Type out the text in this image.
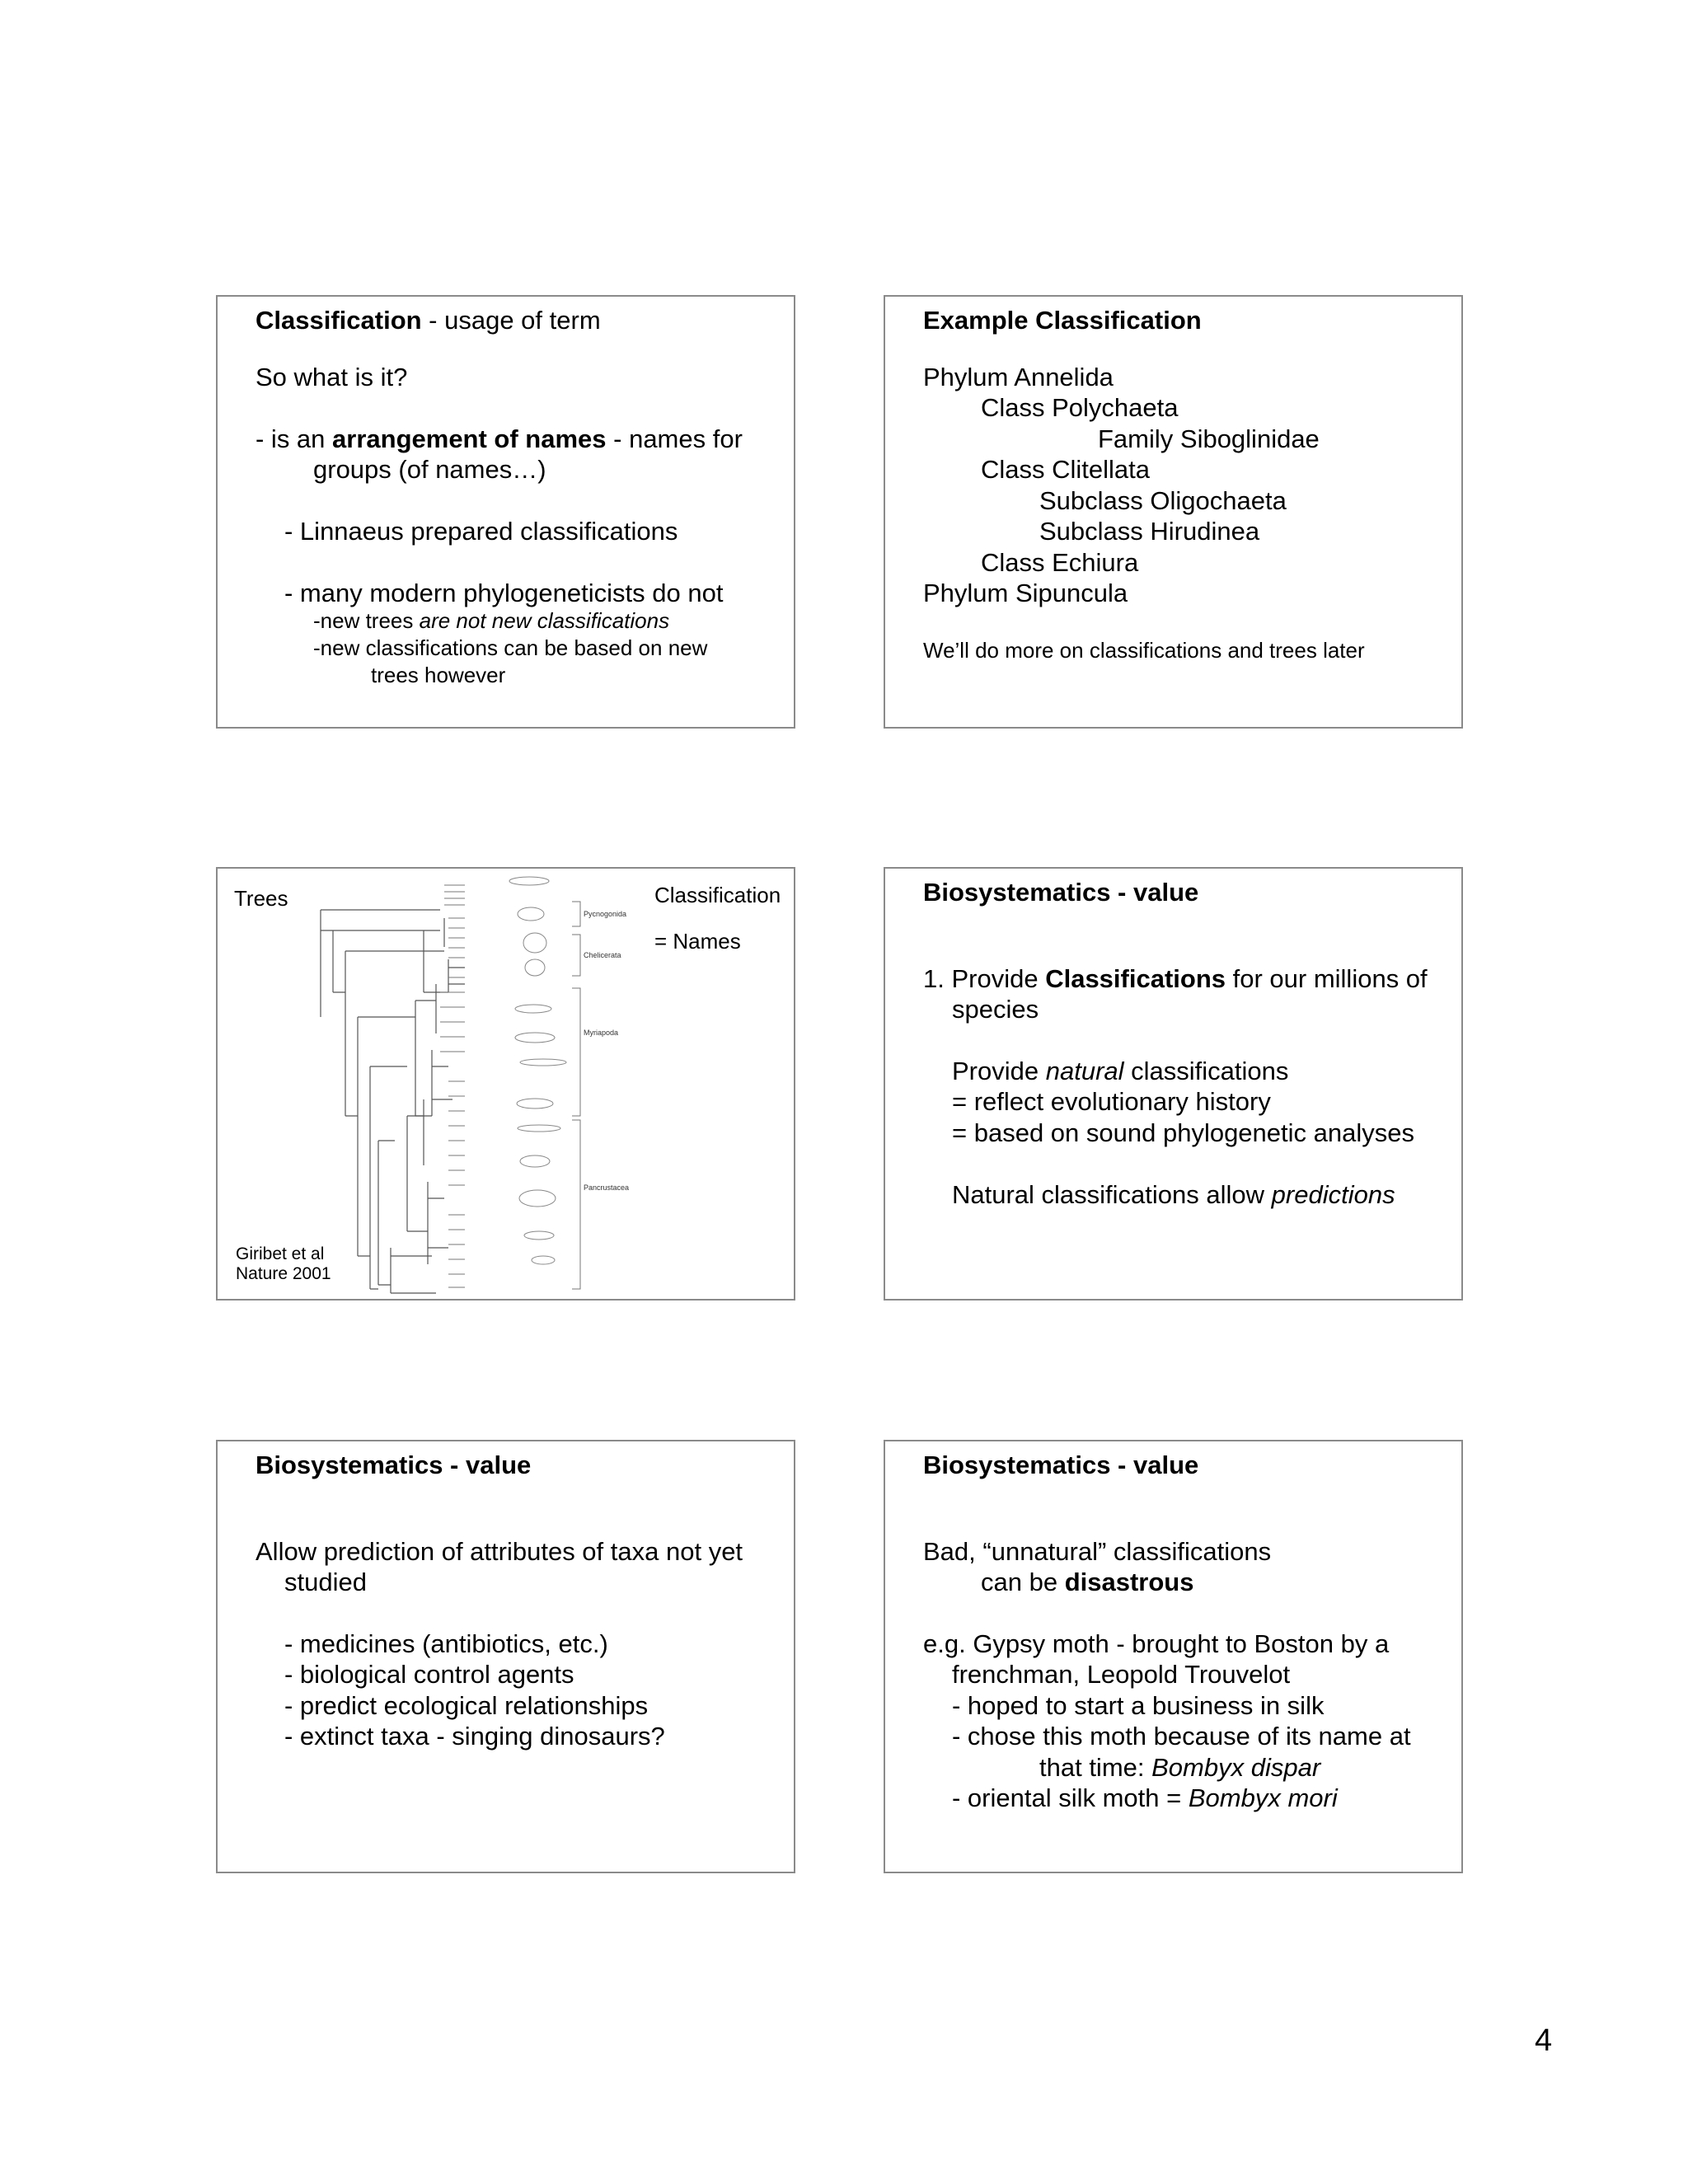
Classification - usage of term
So what is it?
- is an arrangement of names - names for
groups (of names…)
- Linnaeus prepared classifications
- many modern phylogeneticists do not
-new trees are not new classifications
-new classifications can be based on new
trees however
Example Classification
Phylum Annelida
Class Polychaeta
Family Siboglinidae
Class Clitellata
Subclass Oligochaeta
Subclass Hirudinea
Class Echiura
Phylum Sipuncula
We’ll do more on classifications and trees later
Trees	Classification
= Names
Giribet et al
Nature 2001
Pycnogonida
Chelicerata
Myriapoda
Pancrustacea
Biosystematics - value
1. Provide Classifications for our millions of
species
Provide natural classifications
= reflect evolutionary history
= based on sound phylogenetic analyses
Natural classifications allow predictions
Biosystematics - value
Allow prediction of attributes of taxa not yet
studied
- medicines (antibiotics, etc.)
- biological control agents
- predict ecological relationships
- extinct taxa - singing dinosaurs?
Biosystematics - value
Bad, “unnatural” classifications
can be disastrous
e.g. Gypsy moth - brought to Boston by a
frenchman, Leopold Trouvelot
- hoped to start a business in silk
- chose this moth because of its name at
that time: Bombyx dispar
- oriental silk moth = Bombyx mori
4
